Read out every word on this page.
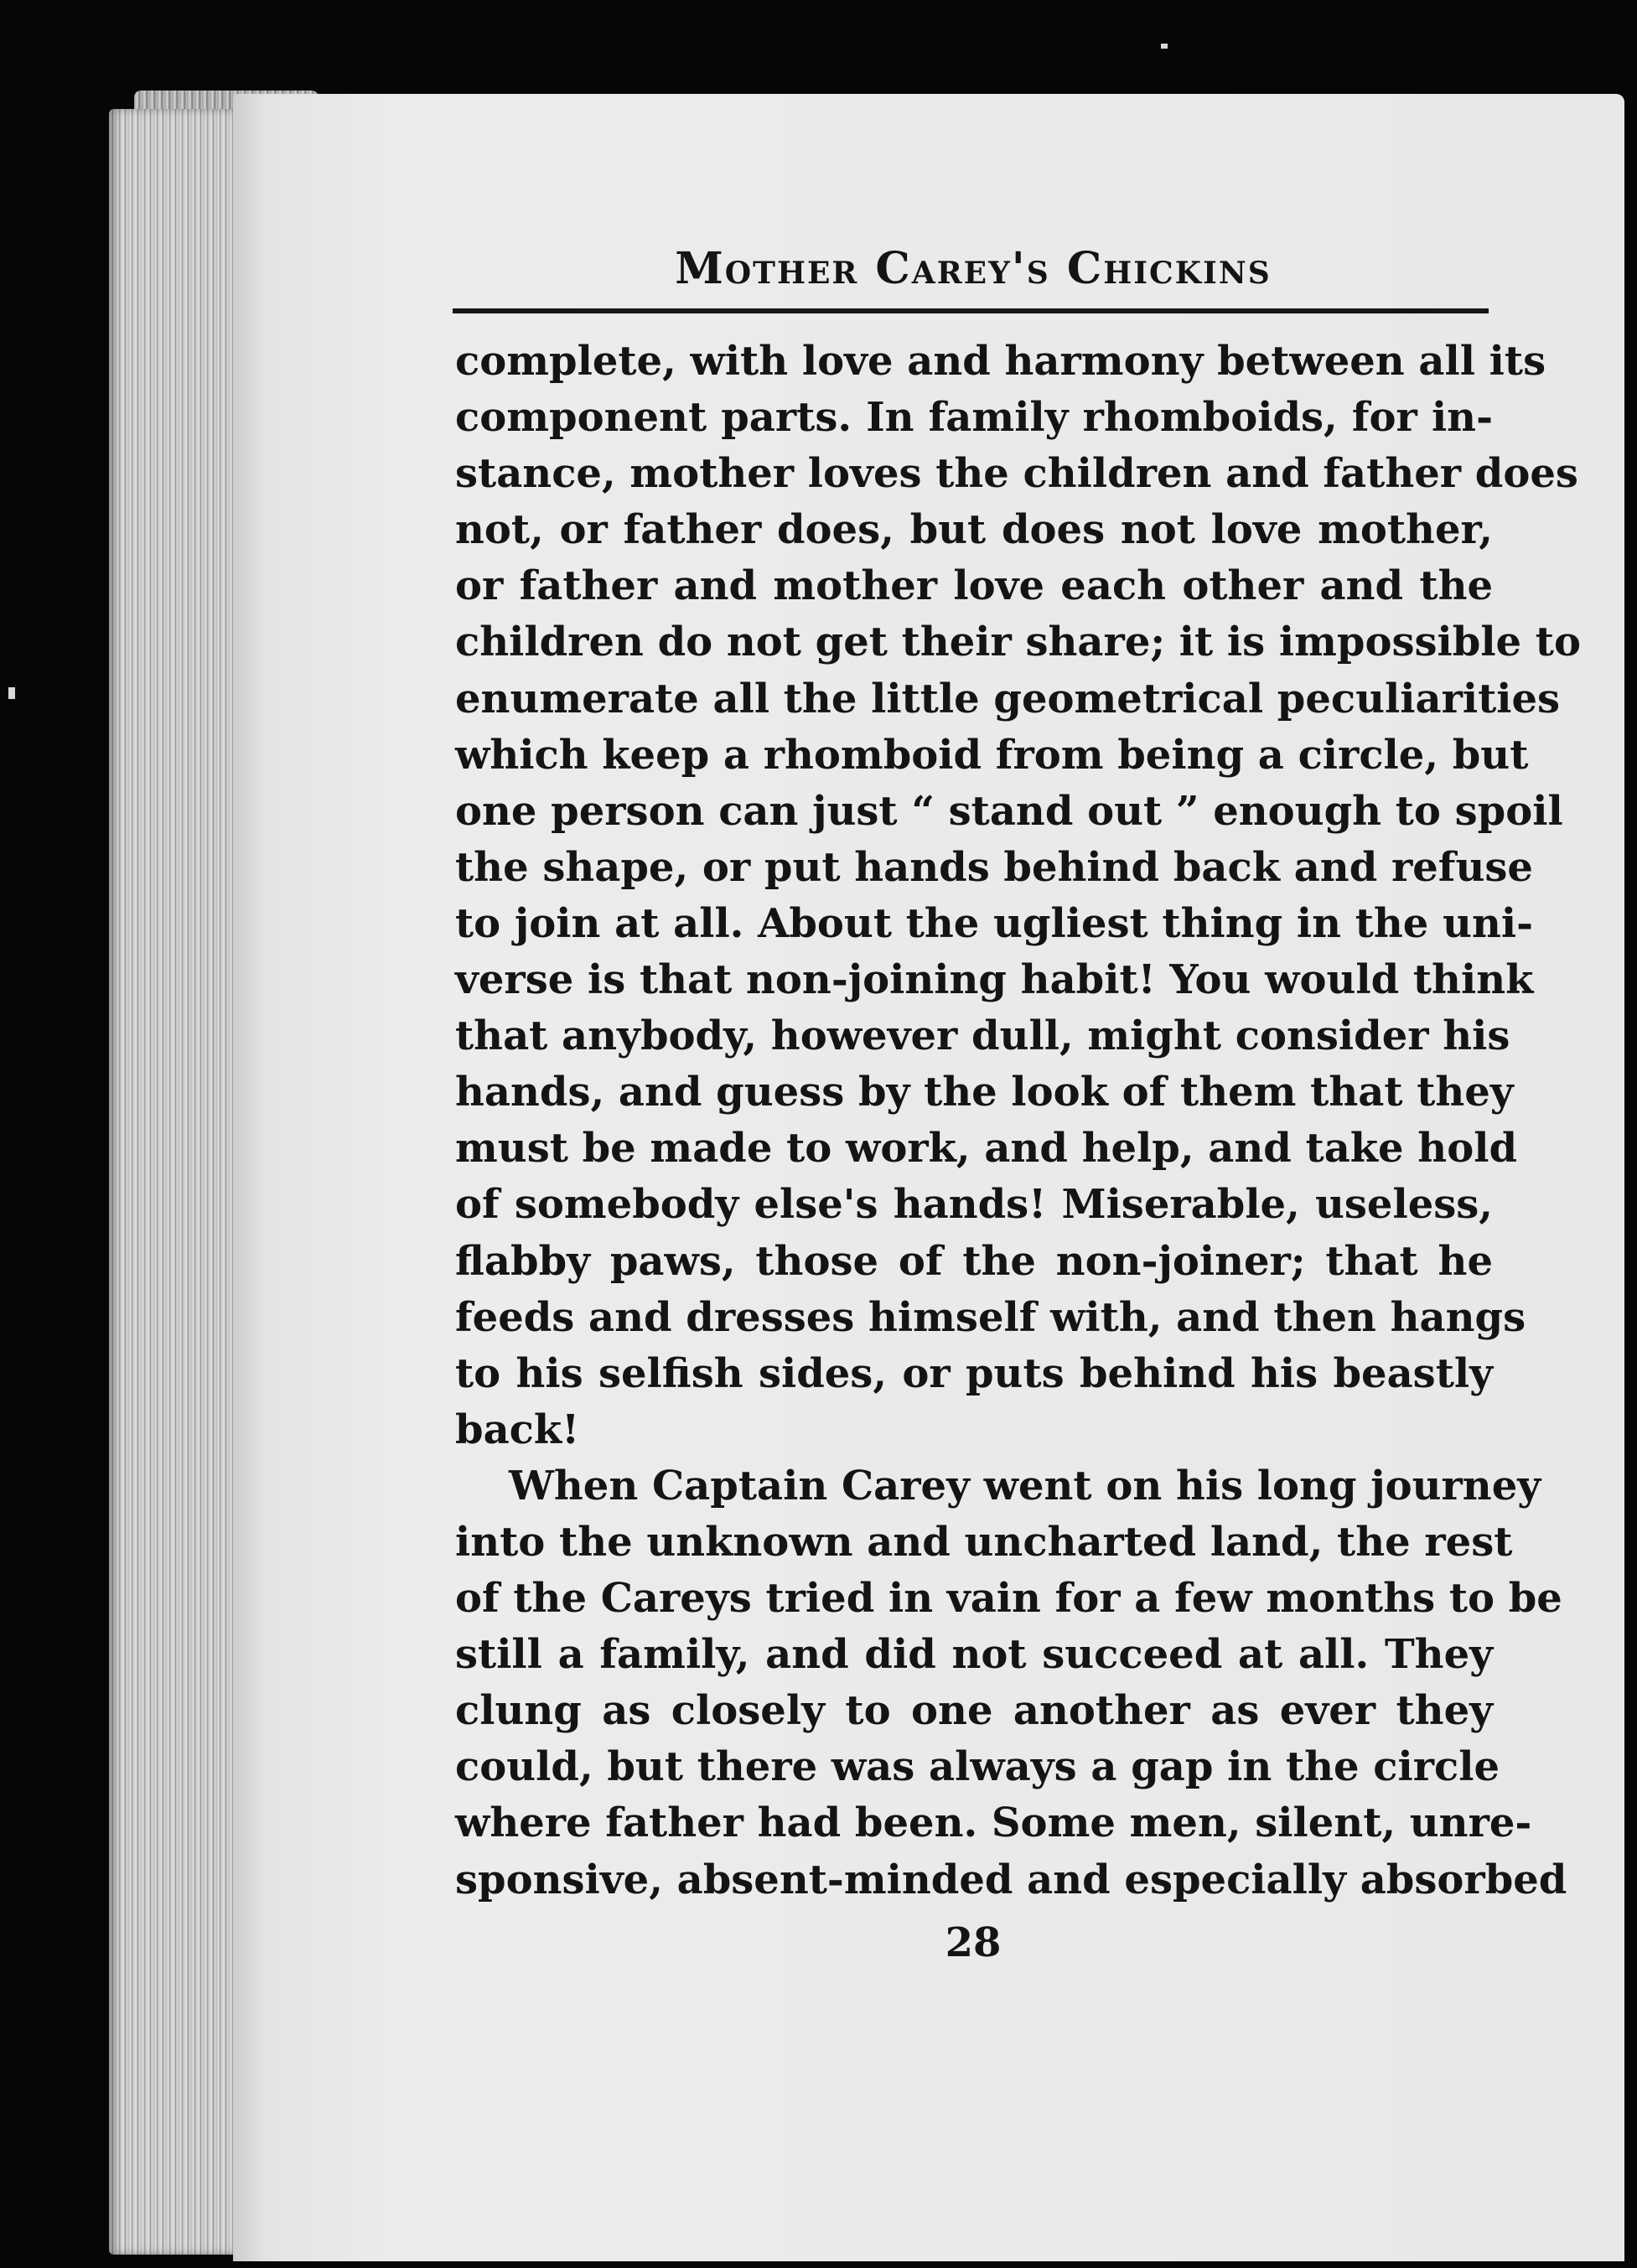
Mother Carey's Chickins
complete, with love and harmony between all its
component parts. In family rhomboids, for in-
stance, mother loves the children and father does
not, or father does, but does not love mother,
or father and mother love each other and the
children do not get their share; it is impossible to
enumerate all the little geometrical peculiarities
which keep a rhomboid from being a circle, but
one person can just “ stand out ” enough to spoil
the shape, or put hands behind back and refuse
to join at all. About the ugliest thing in the uni-
verse is that non-joining habit! You would think
that anybody, however dull, might consider his
hands, and guess by the look of them that they
must be made to work, and help, and take hold
of somebody else's hands! Miserable, useless,
flabby paws, those of the non-joiner; that he
feeds and dresses himself with, and then hangs
to his selfish sides, or puts behind his beastly
back!
When Captain Carey went on his long journey
into the unknown and uncharted land, the rest
of the Careys tried in vain for a few months to be
still a family, and did not succeed at all. They
clung as closely to one another as ever they
could, but there was always a gap in the circle
where father had been. Some men, silent, unre-
sponsive, absent-minded and especially absorbed
28
